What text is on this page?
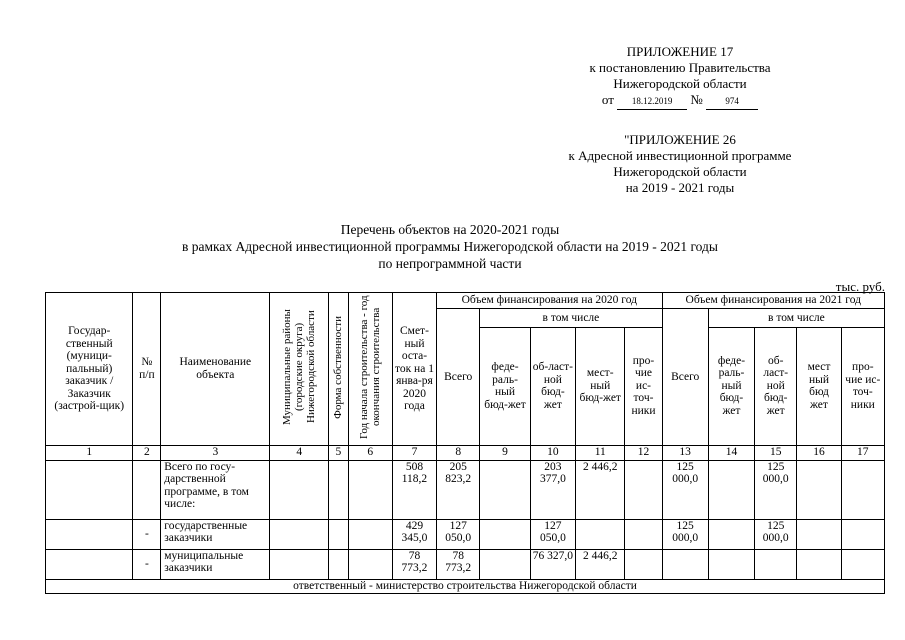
ПРИЛОЖЕНИЕ 17
к постановлению Правительства
Нижегородской области
от 18.12.2019 №	974
"ПРИЛОЖЕНИЕ 26
к Адресной инвестиционной программе
Нижегородской области
на 2019 - 2021 годы
Перечень объектов на 2020-2021 годы
в рамках Адресной инвестиционной программы Нижегородской области на 2019 - 2021 годы
по непрограммной части
тыс. руб.
Государ-ственный (муници-пальный) заказчик / Заказчик (застрой-щик)	№ п/п	Наименование объекта	Муниципальные районы (городские округа) Нижегородской области	Форма собственности	Год начала строительства - год окончания строительства	Смет-ный оста-ток на 1 янва-ря 2020 года	Объем финансирования на 2020 год					Объем финансирования на 2021 год				
							Всего	в том числе				Всего	в том числе			
								феде-раль-ный бюд-жет	об-ласт-ной бюд-жет	мест-ный бюд-жет	про-чие ис-точ-ники		феде-раль-ный бюд-жет	об-ласт-ной бюд-жет	мест ный бюд жет	про-чие ис-точ-ники
1	2	3	4	5	6	7	8	9	10	11	12	13	14	15	16	17
		Всего по госу-дарственной программе, в том числе:				508 118,2	205 823,2		203 377,0	2 446,2		125 000,0		125 000,0		
	-	государственные заказчики				429 345,0	127 050,0		127 050,0			125 000,0		125 000,0		
	-	муниципальные заказчики				78 773,2	78 773,2		76 327,0	2 446,2						
ответственный - министерство строительства Нижегородской области																
